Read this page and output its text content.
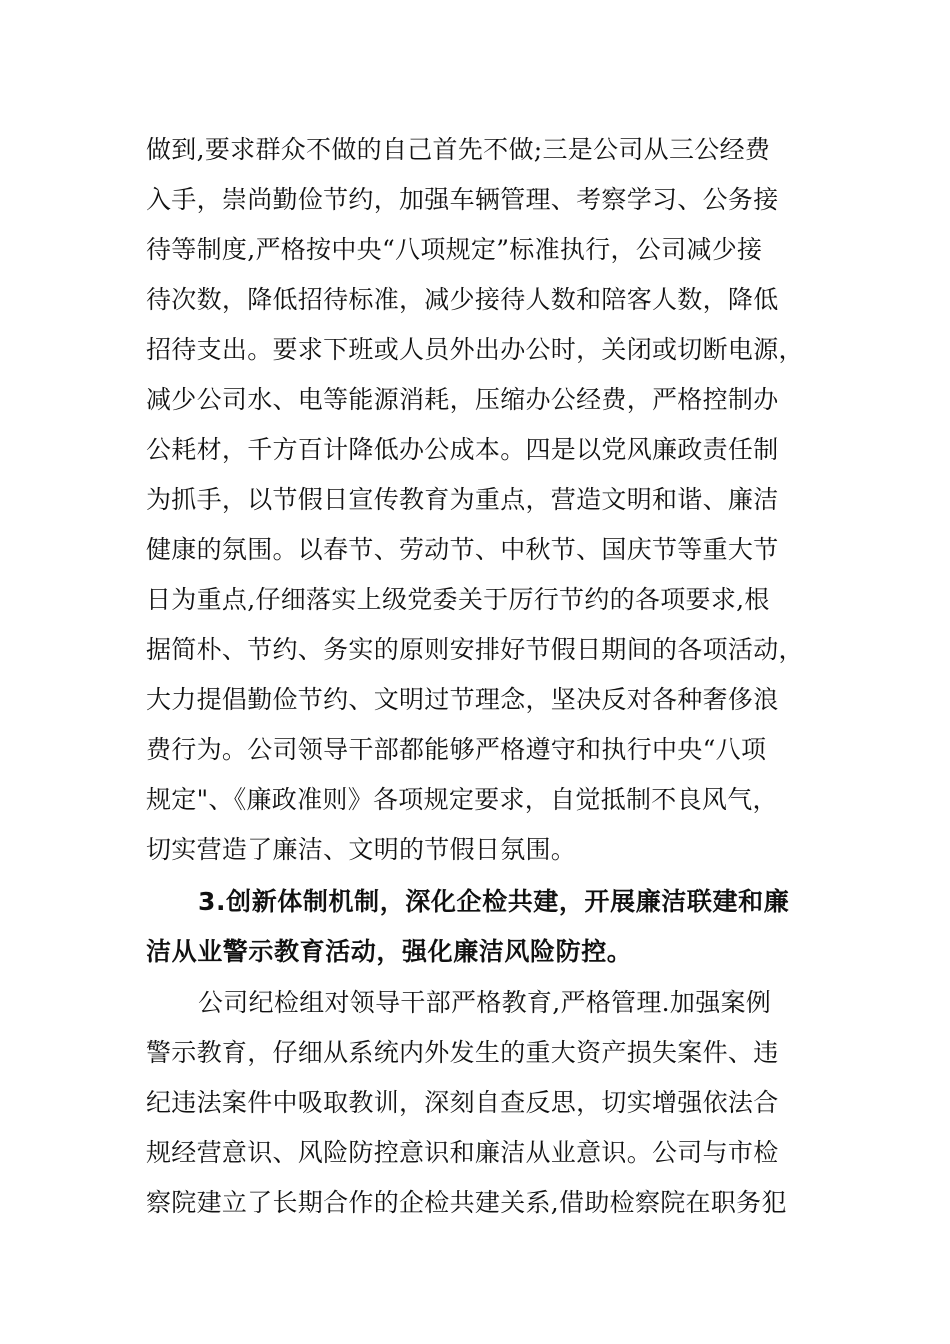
做到,要求群众不做的自己首先不做;三是公司从三公经费
入手，崇尚勤俭节约，加强车辆管理、考察学习、公务接
待等制度,严格按中央“八项规定”标准执行，公司减少接
待次数，降低招待标准，减少接待人数和陪客人数，降低
招待支出。要求下班或人员外出办公时，关闭或切断电源，
减少公司水、电等能源消耗，压缩办公经费，严格控制办
公耗材，千方百计降低办公成本。四是以党风廉政责任制
为抓手，以节假日宣传教育为重点，营造文明和谐、廉洁
健康的氛围。以春节、劳动节、中秋节、国庆节等重大节
日为重点,仔细落实上级党委关于厉行节约的各项要求,根
据简朴、节约、务实的原则安排好节假日期间的各项活动，
大力提倡勤俭节约、文明过节理念，坚决反对各种奢侈浪
费行为。公司领导干部都能够严格遵守和执行中央“八项
规定"、《廉政准则》各项规定要求，自觉抵制不良风气，
切实营造了廉洁、文明的节假日氛围。
3.创新体制机制，深化企检共建，开展廉洁联建和廉
洁从业警示教育活动，强化廉洁风险防控。
公司纪检组对领导干部严格教育,严格管理.加强案例
警示教育，仔细从系统内外发生的重大资产损失案件、违
纪违法案件中吸取教训，深刻自查反思，切实增强依法合
规经营意识、风险防控意识和廉洁从业意识。公司与市检
察院建立了长期合作的企检共建关系,借助检察院在职务犯
